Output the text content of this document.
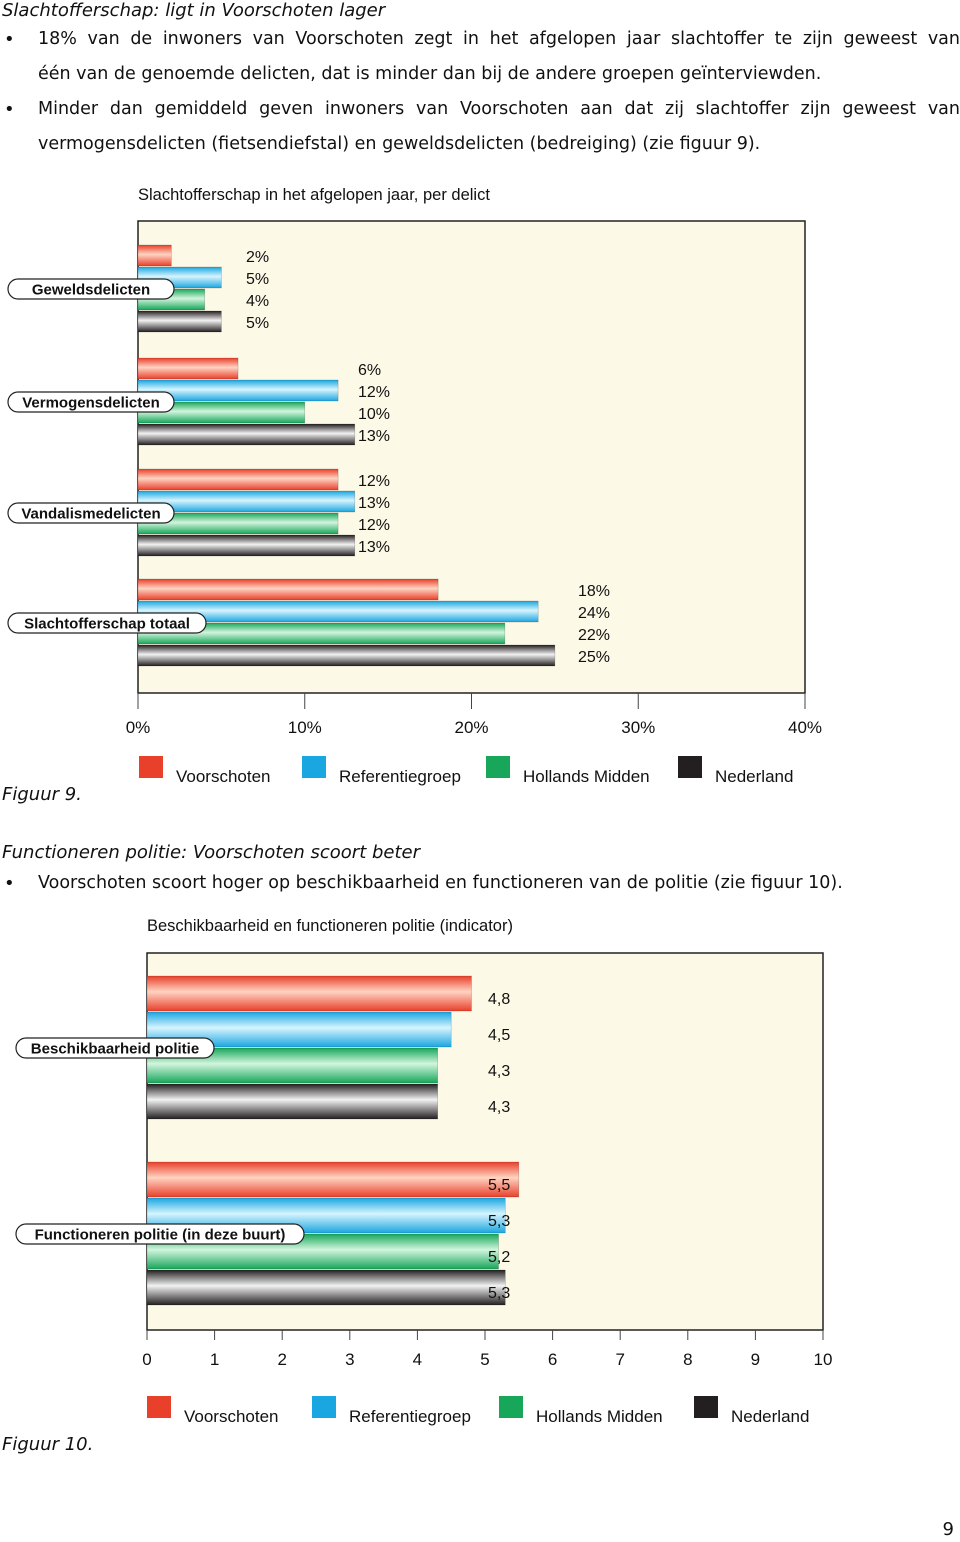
Slachtofferschap: ligt in Voorschoten lager
• 18% van de inwoners van Voorschoten zegt in het afgelopen jaar slachtoffer te zijn geweest van
één van de genoemde delicten, dat is minder dan bij de andere groepen geïnterviewden.
• Minder dan gemiddeld geven inwoners van Voorschoten aan dat zij slachtoffer zijn geweest van
vermogensdelicten (fietsendiefstal) en geweldsdelicten (bedreiging) (zie figuur 9).
Slachtofferschap in het afgelopen jaar, per delict
0%	10%	20%	30%	40%
2%
5%
4%
5%
Geweldsdelicten
6%
12%
10%
13%
Vermogensdelicten
12%
13%
12%
13%
Vandalismedelicten
18%
24%
22%
25%
Slachtofferschap totaal
Voorschoten	Referentiegroep	Hollands Midden	Nederland
Figuur 9.
Functioneren politie: Voorschoten scoort beter
• Voorschoten scoort hoger op beschikbaarheid en functioneren van de politie (zie figuur 10).
Beschikbaarheid en functioneren politie (indicator)
0	1	2	3	4	5	6	7	8	9	10
4,8
4,5
4,3
4,3
Beschikbaarheid politie
5,5
5,3
5,2
5,3
Functioneren politie (in deze buurt)
Voorschoten	Referentiegroep	Hollands Midden	Nederland
Figuur 10.
9
